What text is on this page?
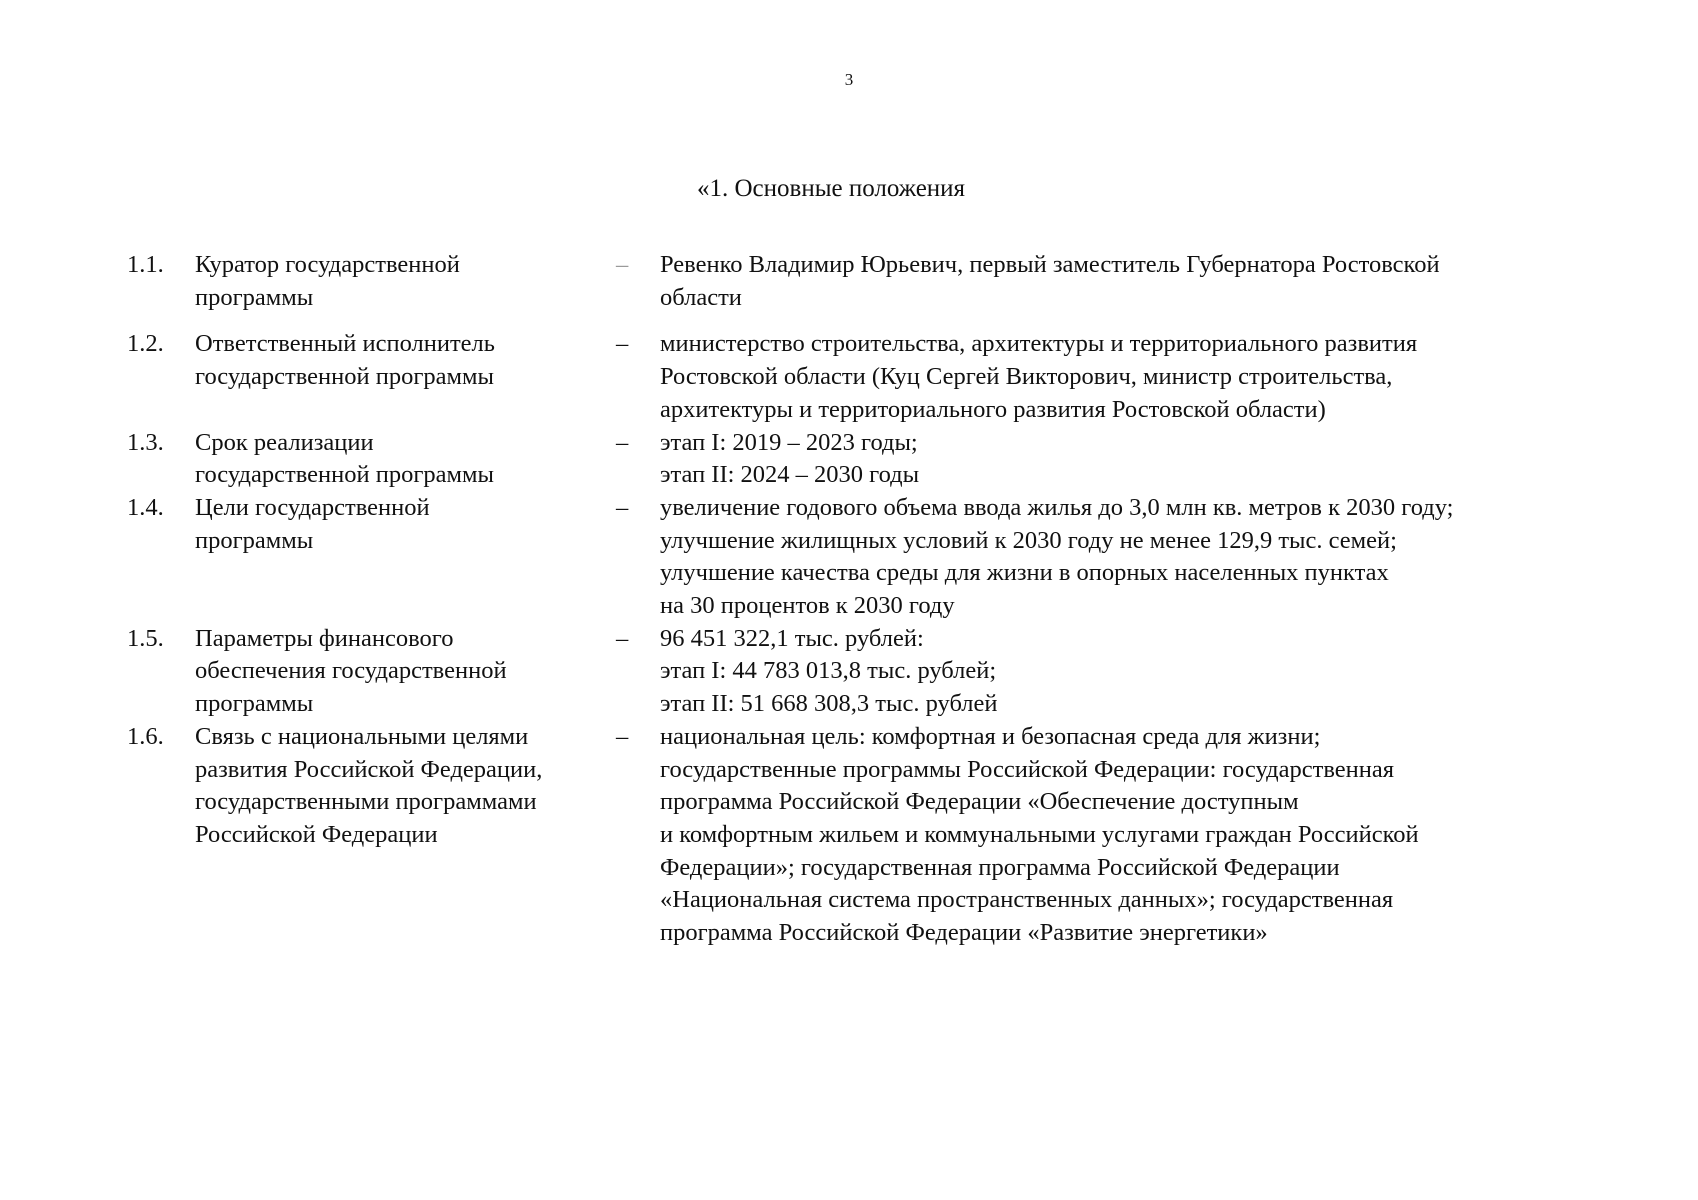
3
«1. Основные положения
1.1.	Куратор государственной
программы
–	Ревенко Владимир Юрьевич, первый заместитель Губернатора Ростовской
области
1.2.	Ответственный исполнитель
государственной программы
–	министерство строительства, архитектуры и территориального развития
Ростовской области (Куц Сергей Викторович, министр строительства,
архитектуры и территориального развития Ростовской области)
1.3.	Срок реализации
государственной программы
–	этап I: 2019 – 2023 годы;
этап II: 2024 – 2030 годы
1.4.	Цели государственной
программы
–	увеличение годового объема ввода жилья до 3,0 млн кв. метров к 2030 году;
улучшение жилищных условий к 2030 году не менее 129,9 тыс. семей;
улучшение качества среды для жизни в опорных населенных пунктах
на 30 процентов к 2030 году
1.5.	Параметры финансового
обеспечения государственной
программы
–	96 451 322,1 тыс. рублей:
этап I: 44 783 013,8 тыс. рублей;
этап II: 51 668 308,3 тыс. рублей
1.6.	Связь с национальными целями
развития Российской Федерации,
государственными программами
Российской Федерации
–	национальная цель: комфортная и безопасная среда для жизни;
государственные программы Российской Федерации: государственная
программа Российской Федерации «Обеспечение доступным
и комфортным жильем и коммунальными услугами граждан Российской
Федерации»; государственная программа Российской Федерации
«Национальная система пространственных данных»; государственная
программа Российской Федерации «Развитие энергетики»
